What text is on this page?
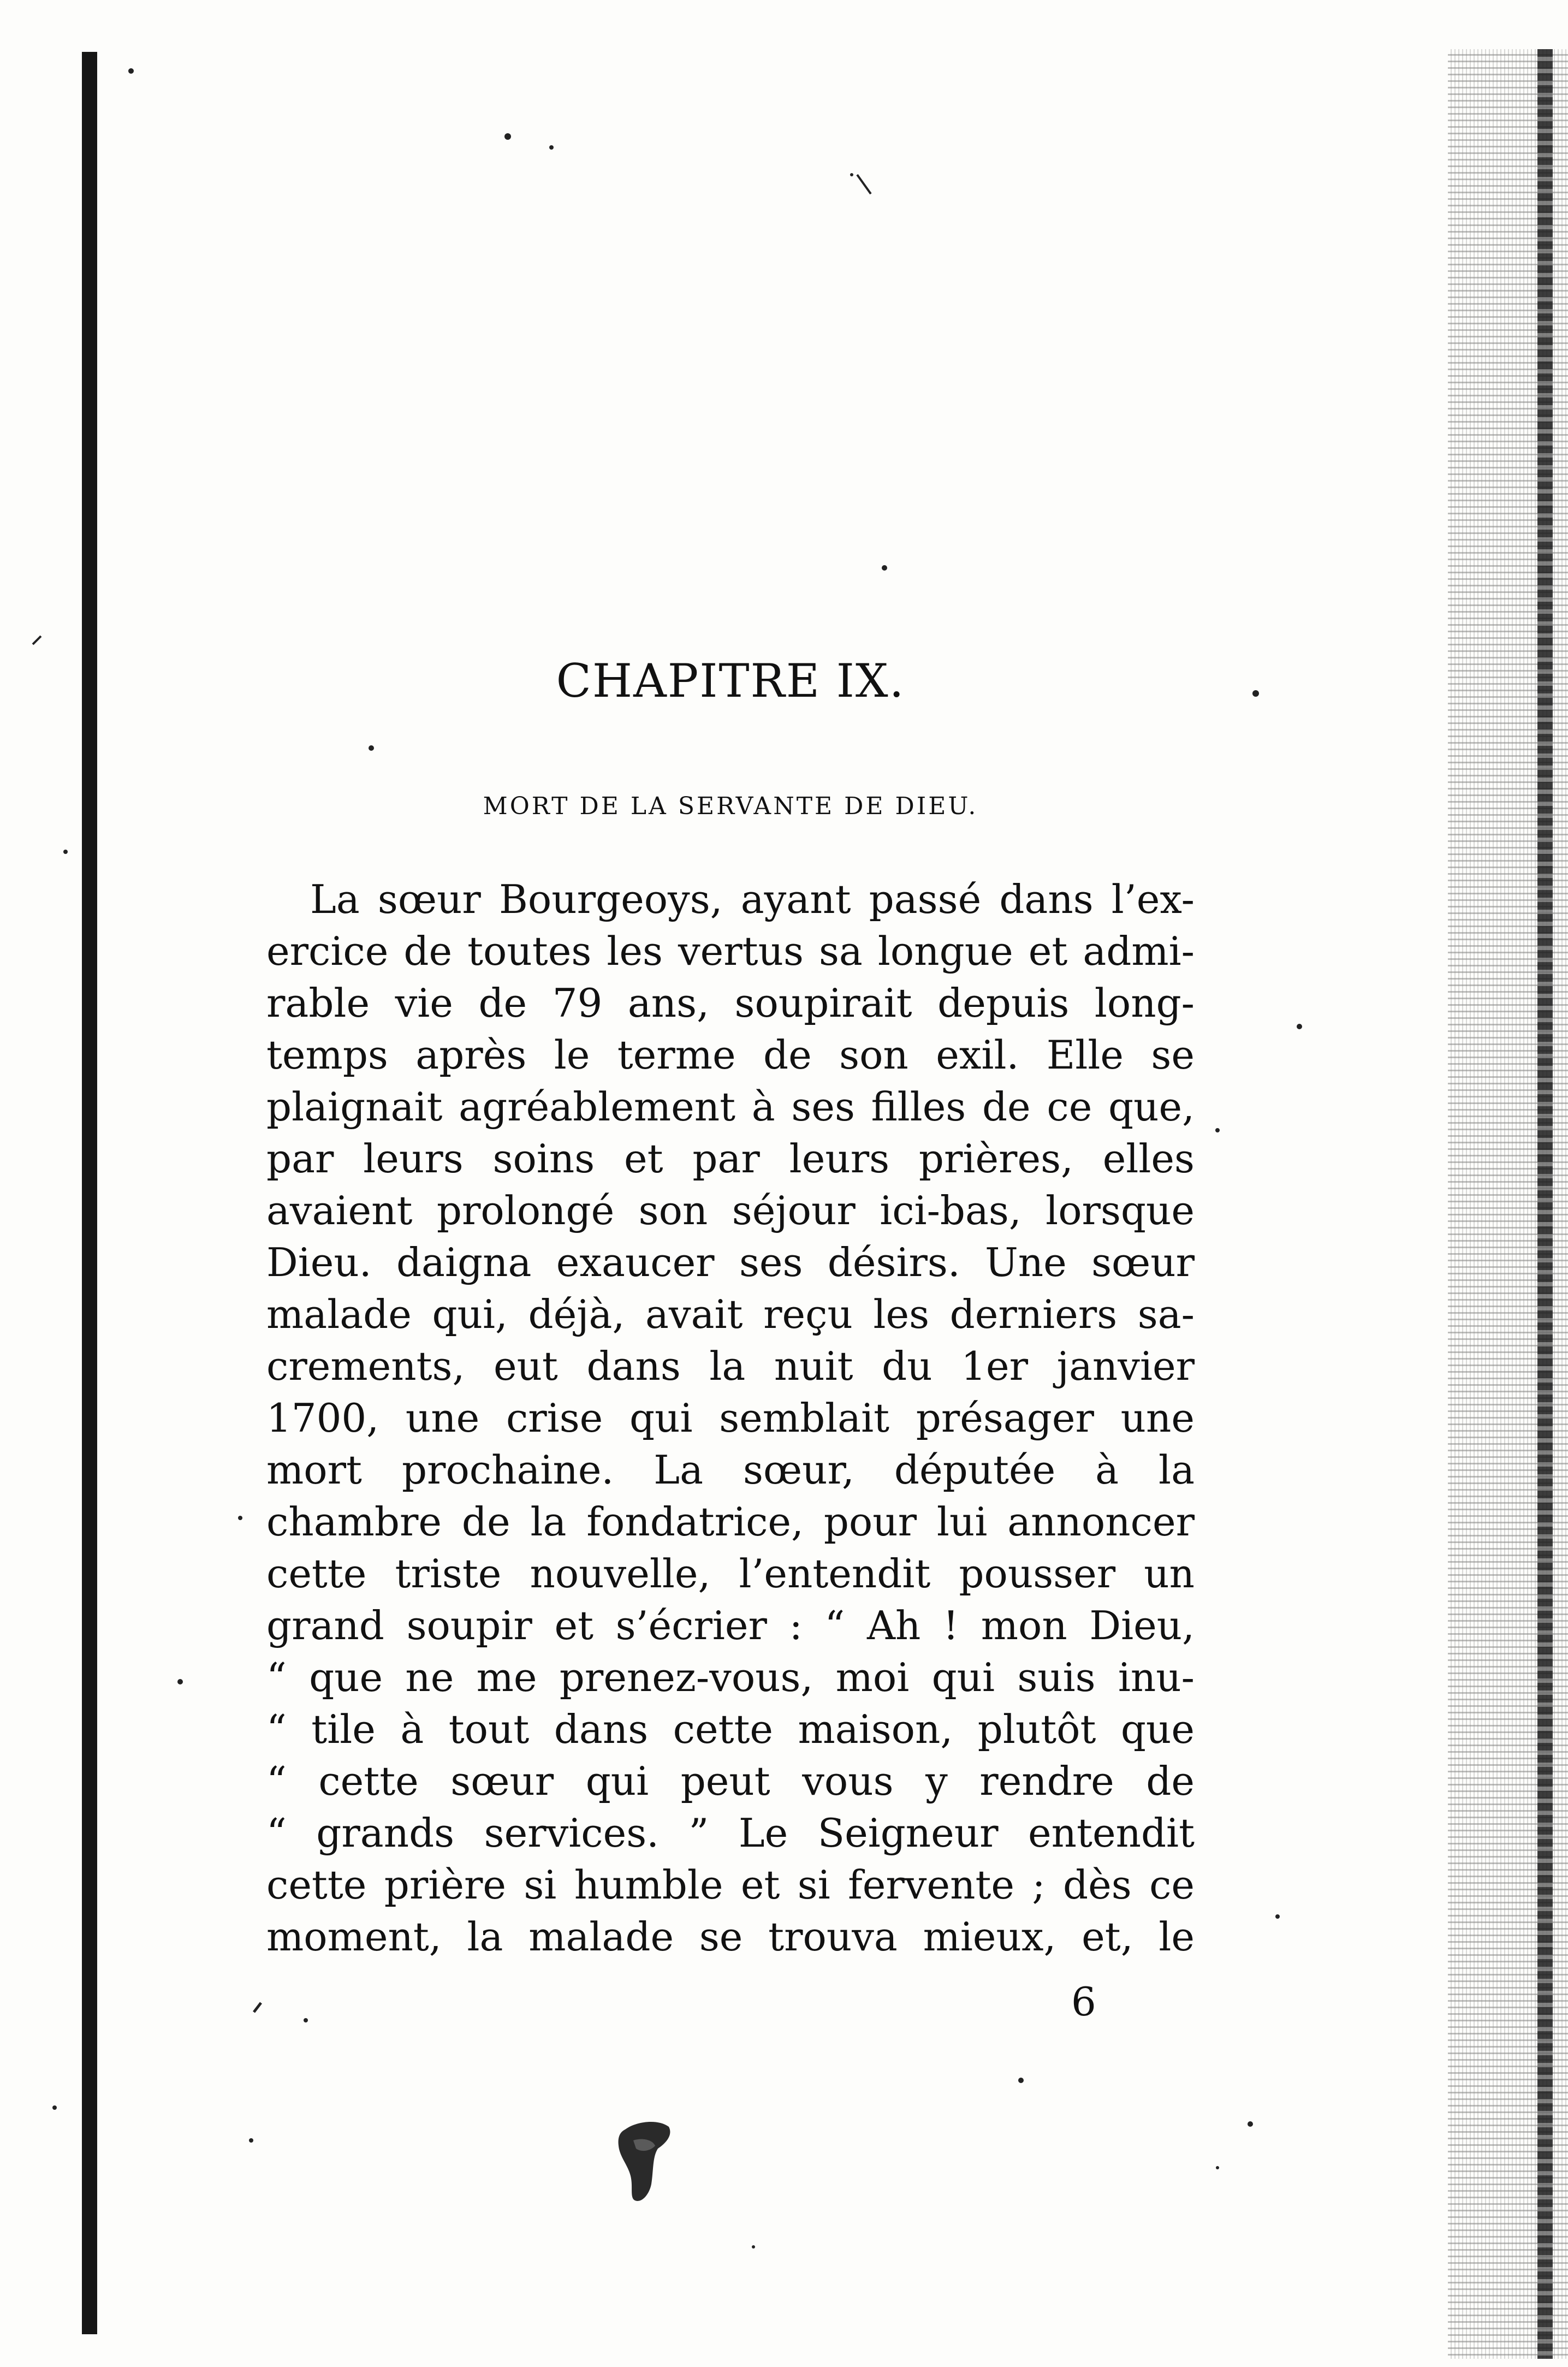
CHAPITRE IX.
MORT DE LA SERVANTE DE DIEU.
La sœur Bourgeoys, ayant passé dans l’ex-
ercice de toutes les vertus sa longue et admi-
rable vie de 79 ans, soupirait depuis long-
temps après le terme de son exil. Elle se
plaignait agréablement à ses filles de ce que,
par leurs soins et par leurs prières, elles
avaient prolongé son séjour ici-bas, lorsque
Dieu. daigna exaucer ses désirs. Une sœur
malade qui, déjà, avait reçu les derniers sa-
crements, eut dans la nuit du 1er janvier
1700, une crise qui semblait présager une
mort prochaine. La sœur, députée à la
chambre de la fondatrice, pour lui annoncer
cette triste nouvelle, l’entendit pousser un
grand soupir et s’écrier : “ Ah ! mon Dieu,
“ que ne me prenez-vous, moi qui suis inu-
“ tile à tout dans cette maison, plutôt que
“ cette sœur qui peut vous y rendre de
“ grands services. ” Le Seigneur entendit
cette prière si humble et si fervente ; dès ce
moment, la malade se trouva mieux, et, le
6
